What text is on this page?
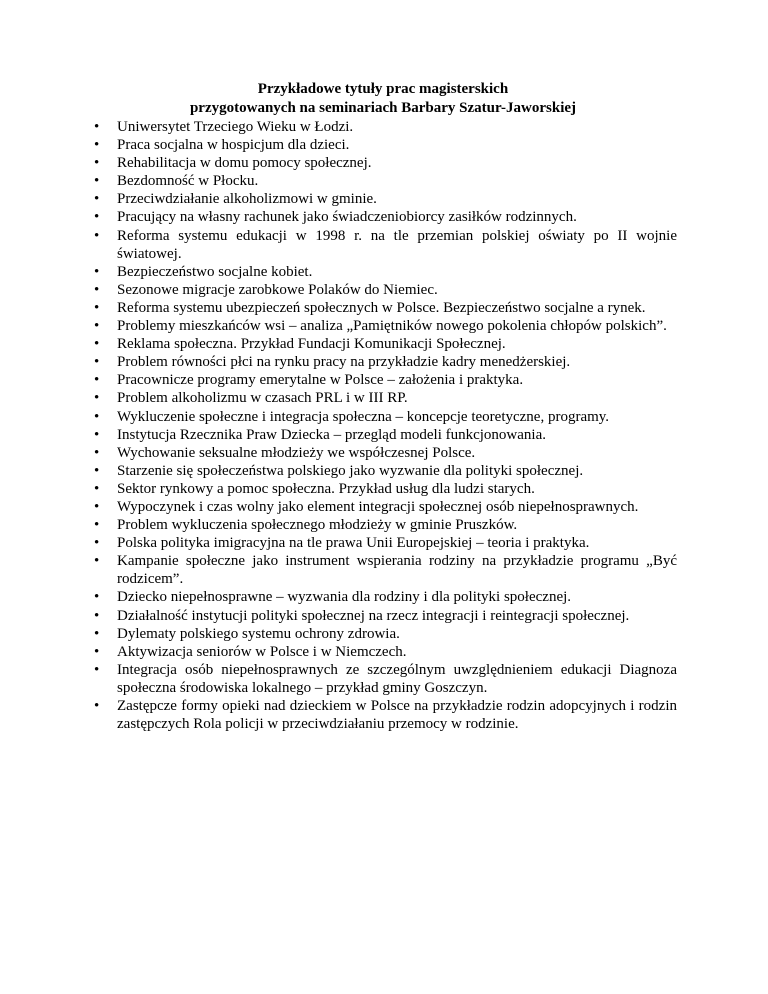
Przykładowe tytuły prac magisterskich
przygotowanych na seminariach Barbary Szatur-Jaworskiej
• Uniwersytet Trzeciego Wieku w Łodzi.
• Praca socjalna w hospicjum dla dzieci.
• Rehabilitacja w domu pomocy społecznej.
• Bezdomność w Płocku.
• Przeciwdziałanie alkoholizmowi w gminie.
• Pracujący na własny rachunek jako świadczeniobiorcy zasiłków rodzinnych.
• Reforma systemu edukacji w 1998 r. na tle przemian polskiej oświaty po II wojnie światowej.
• Bezpieczeństwo socjalne kobiet.
• Sezonowe migracje zarobkowe Polaków do Niemiec.
• Reforma systemu ubezpieczeń społecznych w Polsce. Bezpieczeństwo socjalne a rynek.
• Problemy mieszkańców wsi – analiza „Pamiętników nowego pokolenia chłopów polskich”.
• Reklama społeczna. Przykład Fundacji Komunikacji Społecznej.
• Problem równości płci na rynku pracy na przykładzie kadry menedżerskiej.
• Pracownicze programy emerytalne w Polsce – założenia i praktyka.
• Problem alkoholizmu w czasach PRL i w III RP.
• Wykluczenie społeczne i integracja społeczna – koncepcje teoretyczne, programy.
• Instytucja Rzecznika Praw Dziecka – przegląd modeli funkcjonowania.
• Wychowanie seksualne młodzieży we współczesnej Polsce.
• Starzenie się społeczeństwa polskiego jako wyzwanie dla polityki społecznej.
• Sektor rynkowy a pomoc społeczna. Przykład usług dla ludzi starych.
• Wypoczynek i czas wolny jako element integracji społecznej osób niepełnosprawnych.
• Problem wykluczenia społecznego młodzieży w gminie Pruszków.
• Polska polityka imigracyjna na tle prawa Unii Europejskiej – teoria i praktyka.
• Kampanie społeczne jako instrument wspierania rodziny na przykładzie programu „Być rodzicem”.
• Dziecko niepełnosprawne – wyzwania dla rodziny i dla polityki społecznej.
• Działalność instytucji polityki społecznej na rzecz integracji i reintegracji społecznej.
• Dylematy polskiego systemu ochrony zdrowia.
• Aktywizacja seniorów w Polsce i w Niemczech.
• Integracja osób niepełnosprawnych ze szczególnym uwzględnieniem edukacji Diagnoza społeczna środowiska lokalnego – przykład gminy Goszczyn.
• Zastępcze formy opieki nad dzieckiem w Polsce na przykładzie rodzin adopcyjnych i rodzin zastępczych Rola policji w przeciwdziałaniu przemocy w rodzinie.
